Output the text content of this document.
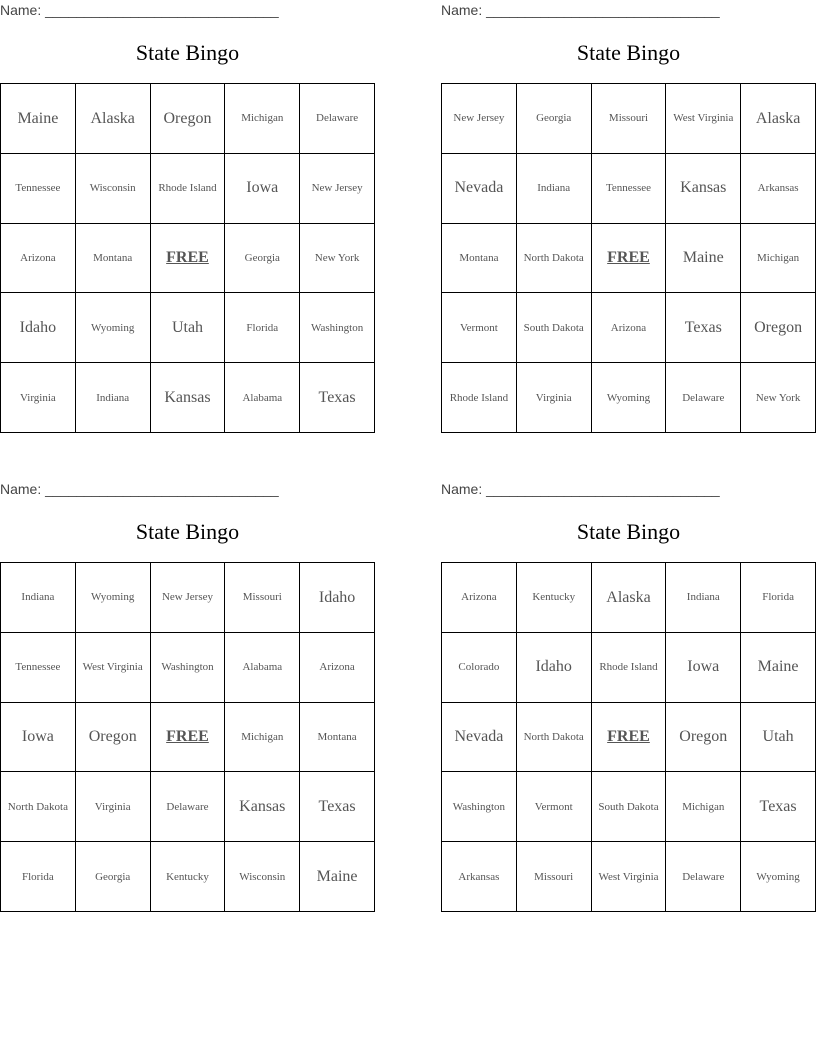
Name: ______________________________
State Bingo
Maine	Alaska	Oregon	Michigan	Delaware
Tennessee	Wisconsin	Rhode Island	Iowa	New Jersey
Arizona	Montana	FREE	Georgia	New York
Idaho	Wyoming	Utah	Florida	Washington
Virginia	Indiana	Kansas	Alabama	Texas
Name: ______________________________
State Bingo
New Jersey	Georgia	Missouri	West Virginia	Alaska
Nevada	Indiana	Tennessee	Kansas	Arkansas
Montana	North Dakota	FREE	Maine	Michigan
Vermont	South Dakota	Arizona	Texas	Oregon
Rhode Island	Virginia	Wyoming	Delaware	New York
Name: ______________________________
State Bingo
Indiana	Wyoming	New Jersey	Missouri	Idaho
Tennessee	West Virginia	Washington	Alabama	Arizona
Iowa	Oregon	FREE	Michigan	Montana
North Dakota	Virginia	Delaware	Kansas	Texas
Florida	Georgia	Kentucky	Wisconsin	Maine
Name: ______________________________
State Bingo
Arizona	Kentucky	Alaska	Indiana	Florida
Colorado	Idaho	Rhode Island	Iowa	Maine
Nevada	North Dakota	FREE	Oregon	Utah
Washington	Vermont	South Dakota	Michigan	Texas
Arkansas	Missouri	West Virginia	Delaware	Wyoming
